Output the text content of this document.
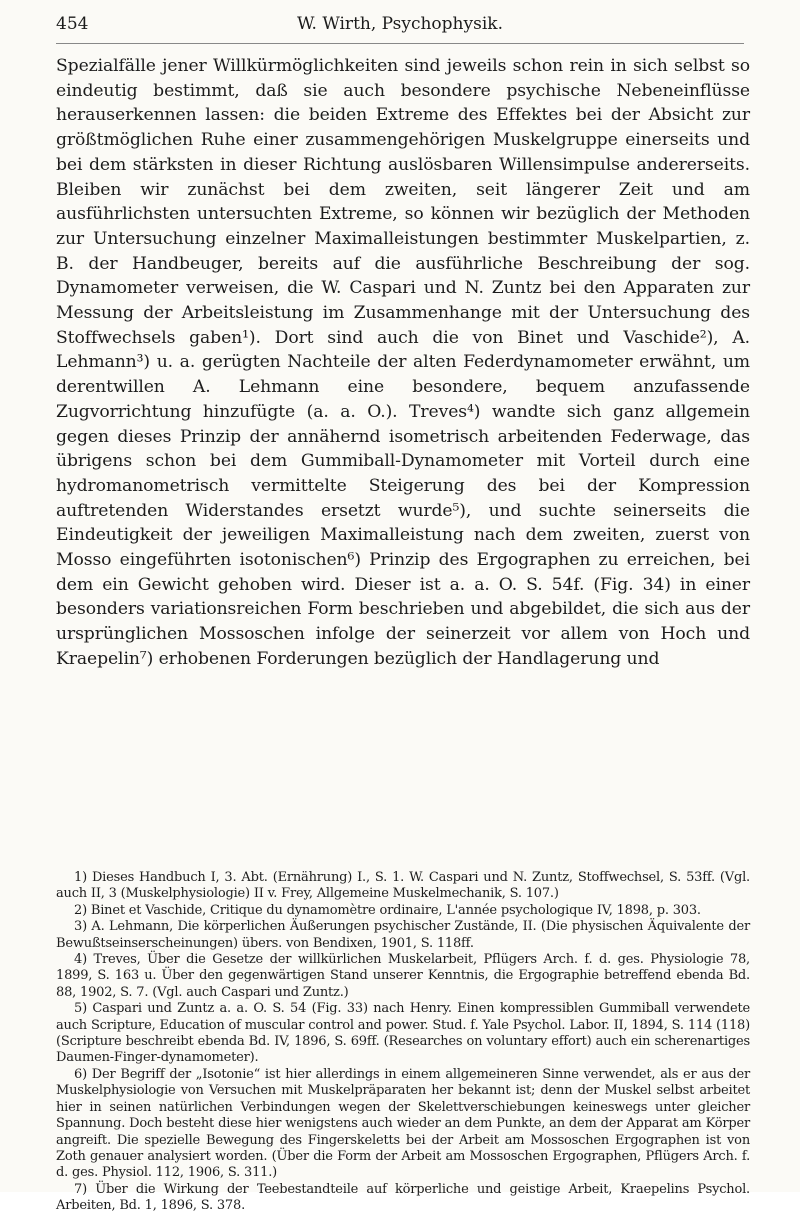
454	W. Wirth, Psychophysik.

Spezialfälle jener Willkürmöglichkeiten sind jeweils schon rein in sich selbst so eindeutig bestimmt, daß sie auch besondere psychische Nebeneinflüsse herauserkennen lassen: die beiden Extreme des Effektes bei der Absicht zur größtmöglichen Ruhe einer zusammengehörigen Muskelgruppe einerseits und bei dem stärksten in dieser Richtung auslösbaren Willensimpulse andererseits. Bleiben wir zunächst bei dem zweiten, seit längerer Zeit und am ausführlichsten untersuchten Extreme, so können wir bezüglich der Methoden zur Untersuchung einzelner Maximalleistungen bestimmter Muskelpartien, z. B. der Handbeuger, bereits auf die ausführliche Beschreibung der sog. Dynamometer verweisen, die W. Caspari und N. Zuntz bei den Apparaten zur Messung der Arbeitsleistung im Zusammenhange mit der Untersuchung des Stoffwechsels gaben¹). Dort sind auch die von Binet und Vaschide²), A. Lehmann³) u. a. gerügten Nachteile der alten Federdynamometer erwähnt, um derentwillen A. Lehmann eine besondere, bequem anzufassende Zugvorrichtung hinzufügte (a. a. O.). Treves⁴) wandte sich ganz allgemein gegen dieses Prinzip der annähernd isometrisch arbeitenden Federwage, das übrigens schon bei dem Gummiball-Dynamometer mit Vorteil durch eine hydromanometrisch vermittelte Steigerung des bei der Kompression auftretenden Widerstandes ersetzt wurde⁵), und suchte seinerseits die Eindeutigkeit der jeweiligen Maximalleistung nach dem zweiten, zuerst von Mosso eingeführten isotonischen⁶) Prinzip des Ergographen zu erreichen, bei dem ein Gewicht gehoben wird. Dieser ist a. a. O. S. 54f. (Fig. 34) in einer besonders variationsreichen Form beschrieben und abgebildet, die sich aus der ursprünglichen Mossoschen infolge der seinerzeit vor allem von Hoch und Kraepelin⁷) erhobenen Forderungen bezüglich der Handlagerung und

1) Dieses Handbuch I, 3. Abt. (Ernährung) I., S. 1. W. Caspari und N. Zuntz, Stoffwechsel, S. 53ff. (Vgl. auch II, 3 (Muskelphysiologie) II v. Frey, Allgemeine Muskelmechanik, S. 107.)

2) Binet et Vaschide, Critique du dynamomètre ordinaire, L'année psychologique IV, 1898, p. 303.

3) A. Lehmann, Die körperlichen Äußerungen psychischer Zustände, II. (Die physischen Äquivalente der Bewußtseinserscheinungen) übers. von Bendixen, 1901, S. 118ff.

4) Treves, Über die Gesetze der willkürlichen Muskelarbeit, Pflügers Arch. f. d. ges. Physiologie 78, 1899, S. 163 u. Über den gegenwärtigen Stand unserer Kenntnis, die Ergographie betreffend ebenda Bd. 88, 1902, S. 7. (Vgl. auch Caspari und Zuntz.)

5) Caspari und Zuntz a. a. O. S. 54 (Fig. 33) nach Henry. Einen kompressiblen Gummiball verwendete auch Scripture, Education of muscular control and power. Stud. f. Yale Psychol. Labor. II, 1894, S. 114 (118) (Scripture beschreibt ebenda Bd. IV, 1896, S. 69ff. (Researches on voluntary effort) auch ein scherenartiges Daumen-Finger-dynamometer).

6) Der Begriff der „Isotonie“ ist hier allerdings in einem allgemeineren Sinne verwendet, als er aus der Muskelphysiologie von Versuchen mit Muskelpräparaten her bekannt ist; denn der Muskel selbst arbeitet hier in seinen natürlichen Verbindungen wegen der Skelettverschiebungen keineswegs unter gleicher Spannung. Doch besteht diese hier wenigstens auch wieder an dem Punkte, an dem der Apparat am Körper angreift. Die spezielle Bewegung des Fingerskeletts bei der Arbeit am Mossoschen Ergographen ist von Zoth genauer analysiert worden. (Über die Form der Arbeit am Mossoschen Ergographen, Pflügers Arch. f. d. ges. Physiol. 112, 1906, S. 311.)

7) Über die Wirkung der Teebestandteile auf körperliche und geistige Arbeit, Kraepelins Psychol. Arbeiten, Bd. 1, 1896, S. 378.
